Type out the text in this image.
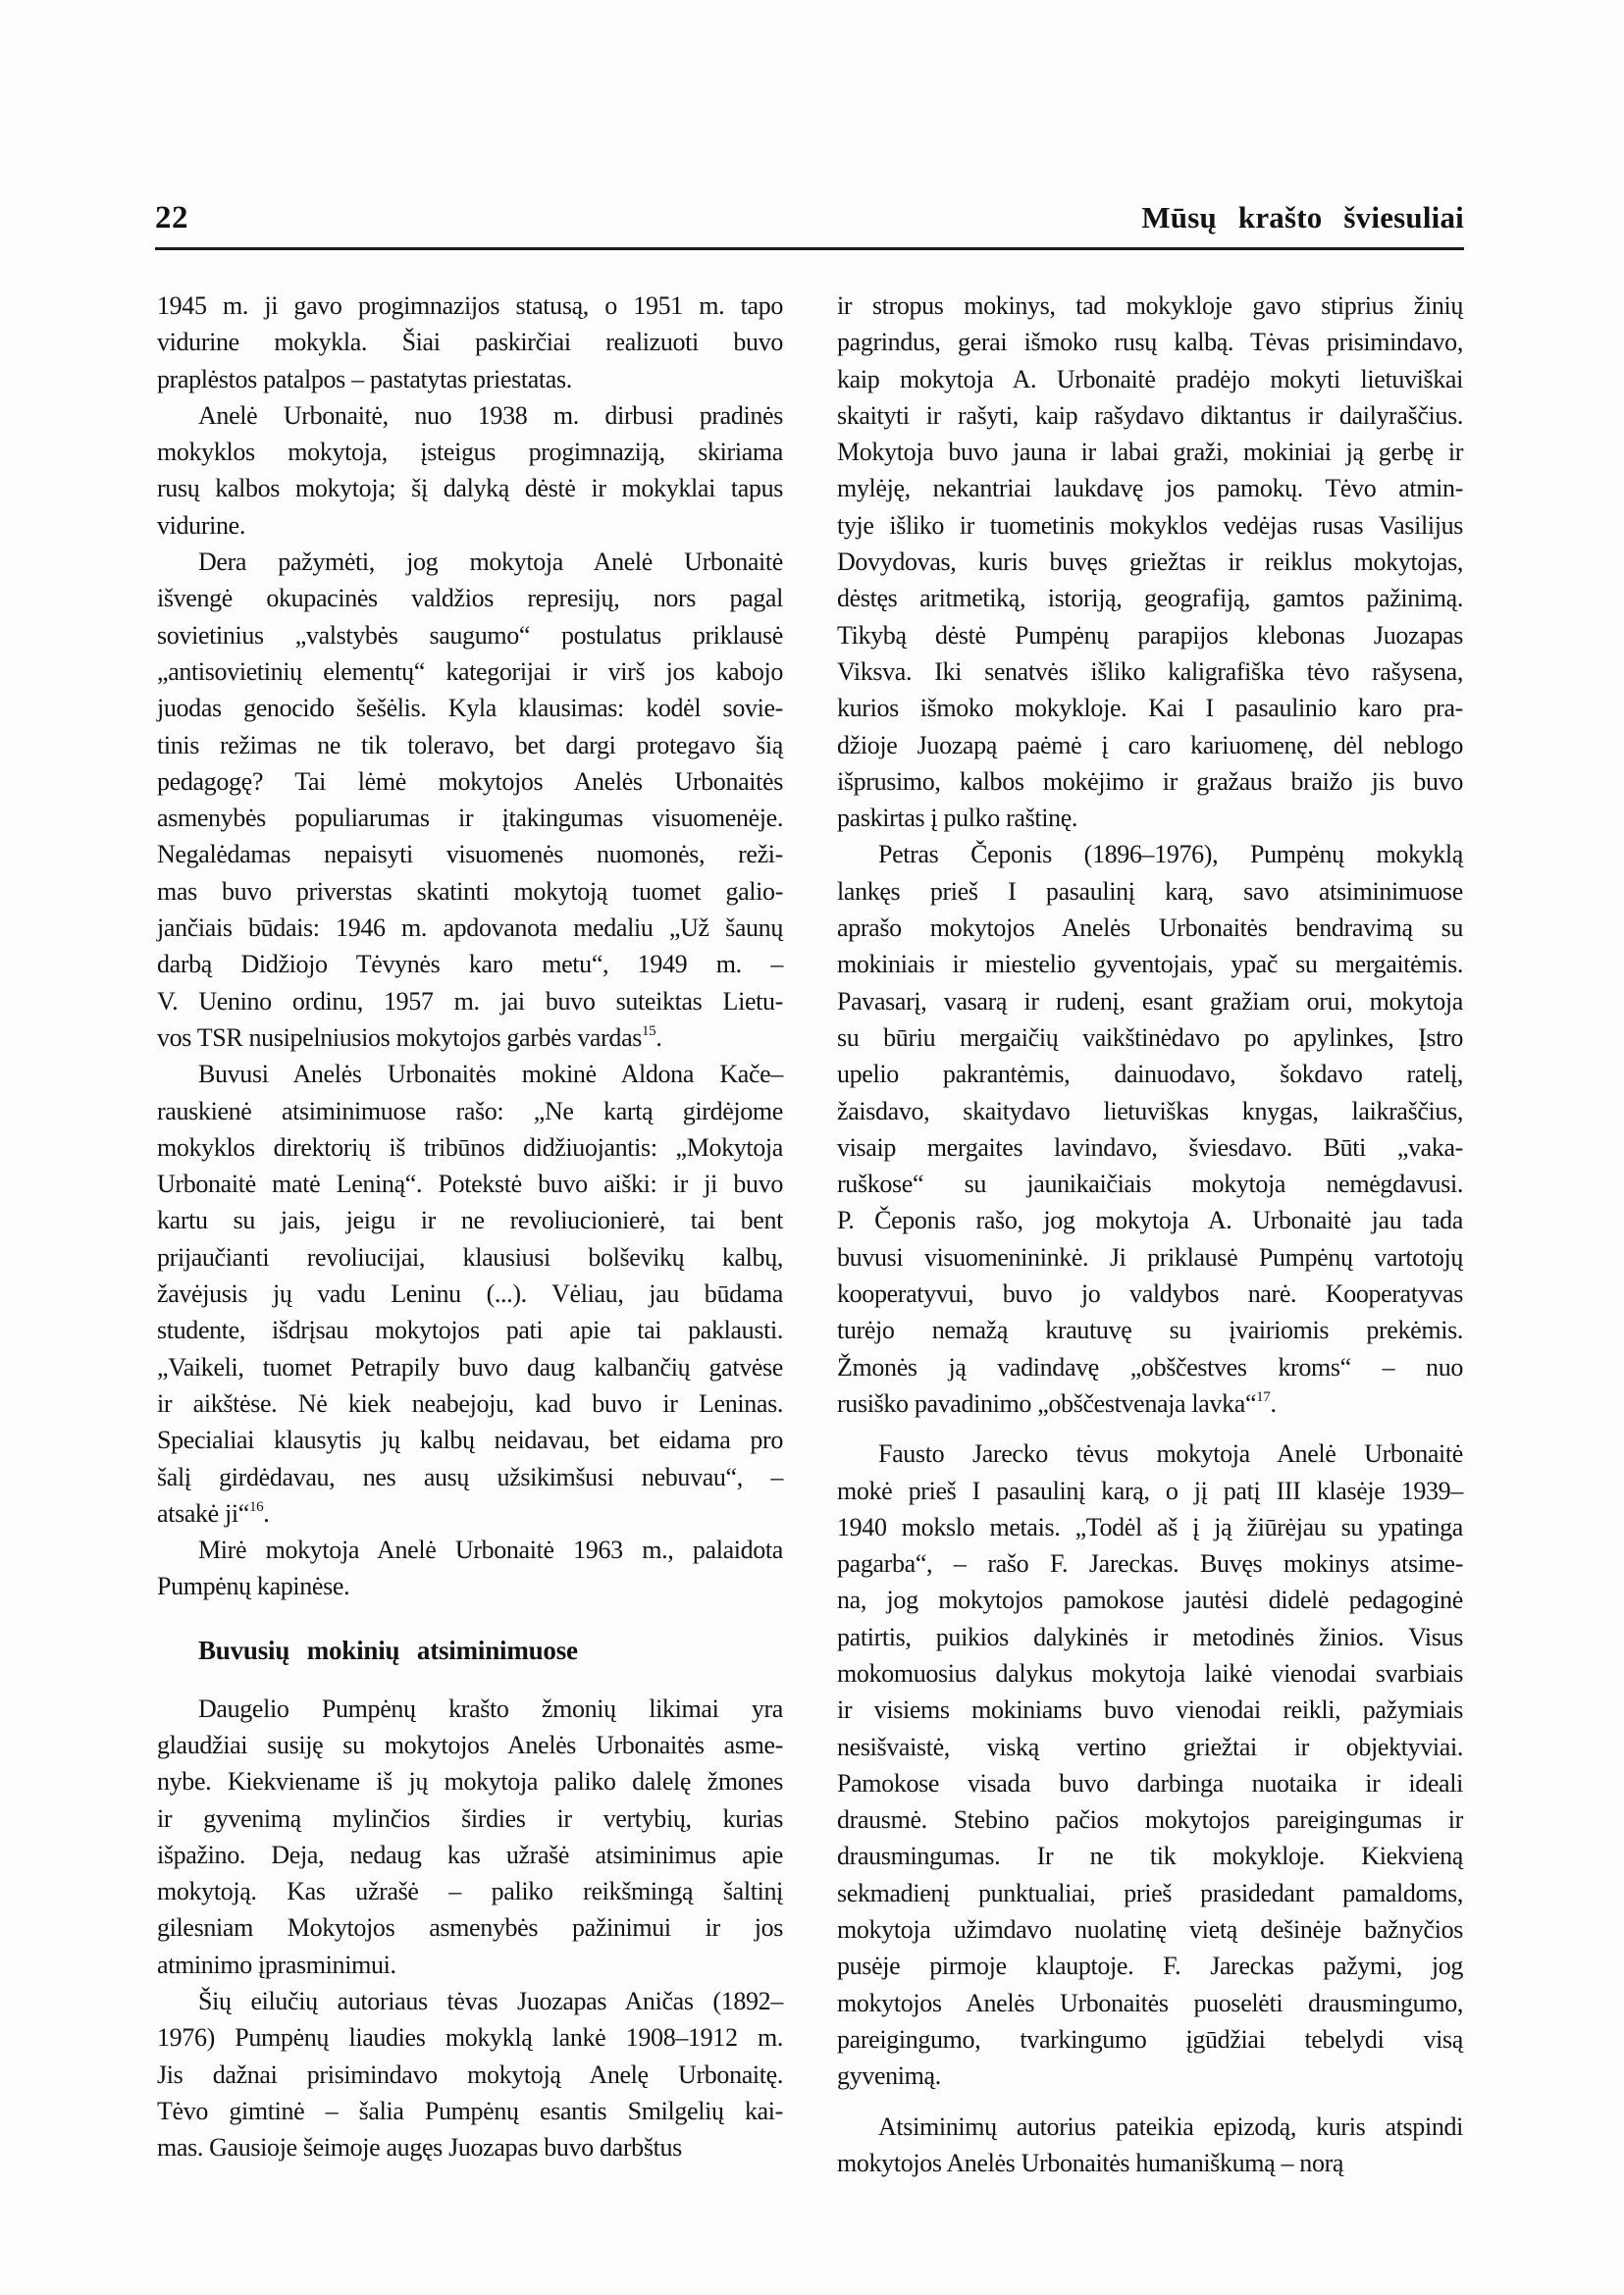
22	Mūsų krašto šviesuliai
1945 m. ji gavo progimnazijos statusą, o 1951 m. tapo
vidurine mokykla. Šiai paskirčiai realizuoti buvo
praplėstos patalpos – pastatytas priestatas.
Anelė Urbonaitė, nuo 1938 m. dirbusi pradinės
mokyklos mokytoja, įsteigus progimnaziją, skiriama
rusų kalbos mokytoja; šį dalyką dėstė ir mokyklai tapus
vidurine.
Dera pažymėti, jog mokytoja Anelė Urbonaitė
išvengė okupacinės valdžios represijų, nors pagal
sovietinius „valstybės saugumo“ postulatus priklausė
„antisovietinių elementų“ kategorijai ir virš jos kabojo
juodas genocido šešėlis. Kyla klausimas: kodėl sovie-
tinis režimas ne tik toleravo, bet dargi protegavo šią
pedagogę? Tai lėmė mokytojos Anelės Urbonaitės
asmenybės populiarumas ir įtakingumas visuomenėje.
Negalėdamas nepaisyti visuomenės nuomonės, reži-
mas buvo priverstas skatinti mokytoją tuomet galio-
jančiais būdais: 1946 m. apdovanota medaliu „Už šaunų
darbą Didžiojo Tėvynės karo metu“, 1949 m. –
V. Uenino ordinu, 1957 m. jai buvo suteiktas Lietu-
vos TSR nusipelniusios mokytojos garbės vardas$^{15}$.
Buvusi Anelės Urbonaitės mokinė Aldona Kače–
rauskienė atsiminimuose rašo: „Ne kartą girdėjome
mokyklos direktorių iš tribūnos didžiuojantis: „Mokytoja
Urbonaitė matė Leniną“. Potekstė buvo aiški: ir ji buvo
kartu su jais, jeigu ir ne revoliucionierė, tai bent
prijaučianti revoliucijai, klausiusi bolševikų kalbų,
žavėjusis jų vadu Leninu (...). Vėliau, jau būdama
studente, išdrįsau mokytojos pati apie tai paklausti.
„Vaikeli, tuomet Petrapily buvo daug kalbančių gatvėse
ir aikštėse. Nė kiek neabejoju, kad buvo ir Leninas.
Specialiai klausytis jų kalbų neidavau, bet eidama pro
šalį girdėdavau, nes ausų užsikimšusi nebuvau“, –
atsakė ji“$^{16}$.
Mirė mokytoja Anelė Urbonaitė 1963 m., palaidota
Pumpėnų kapinėse.
Buvusių mokinių atsiminimuose
Daugelio Pumpėnų krašto žmonių likimai yra
glaudžiai susiję su mokytojos Anelės Urbonaitės asme-
nybe. Kiekviename iš jų mokytoja paliko dalelę žmones
ir gyvenimą mylinčios širdies ir vertybių, kurias
išpažino. Deja, nedaug kas užrašė atsiminimus apie
mokytoją. Kas užrašė – paliko reikšmingą šaltinį
gilesniam Mokytojos asmenybės pažinimui ir jos
atminimo įprasminimui.
Šių eilučių autoriaus tėvas Juozapas Aničas (1892–
1976) Pumpėnų liaudies mokyklą lankė 1908–1912 m.
Jis dažnai prisimindavo mokytoją Anelę Urbonaitę.
Tėvo gimtinė – šalia Pumpėnų esantis Smilgelių kai-
mas. Gausioje šeimoje augęs Juozapas buvo darbštus
ir stropus mokinys, tad mokykloje gavo stiprius žinių
pagrindus, gerai išmoko rusų kalbą. Tėvas prisimindavo,
kaip mokytoja A. Urbonaitė pradėjo mokyti lietuviškai
skaityti ir rašyti, kaip rašydavo diktantus ir dailyraščius.
Mokytoja buvo jauna ir labai graži, mokiniai ją gerbę ir
mylėję, nekantriai laukdavę jos pamokų. Tėvo atmin-
tyje išliko ir tuometinis mokyklos vedėjas rusas Vasilijus
Dovydovas, kuris buvęs griežtas ir reiklus mokytojas,
dėstęs aritmetiką, istoriją, geografiją, gamtos pažinimą.
Tikybą dėstė Pumpėnų parapijos klebonas Juozapas
Viksva. Iki senatvės išliko kaligrafiška tėvo rašysena,
kurios išmoko mokykloje. Kai I pasaulinio karo pra-
džioje Juozapą paėmė į caro kariuomenę, dėl neblogo
išprusimo, kalbos mokėjimo ir gražaus braižo jis buvo
paskirtas į pulko raštinę.
Petras Čeponis (1896–1976), Pumpėnų mokyklą
lankęs prieš I pasaulinį karą, savo atsiminimuose
aprašo mokytojos Anelės Urbonaitės bendravimą su
mokiniais ir miestelio gyventojais, ypač su mergaitėmis.
Pavasarį, vasarą ir rudenį, esant gražiam orui, mokytoja
su būriu mergaičių vaikštinėdavo po apylinkes, Įstro
upelio pakrantėmis, dainuodavo, šokdavo ratelį,
žaisdavo, skaitydavo lietuviškas knygas, laikraščius,
visaip mergaites lavindavo, šviesdavo. Būti „vaka-
ruškose“ su jaunikaičiais mokytoja nemėgdavusi.
P. Čeponis rašo, jog mokytoja A. Urbonaitė jau tada
buvusi visuomenininkė. Ji priklausė Pumpėnų vartotojų
kooperatyvui, buvo jo valdybos narė. Kooperatyvas
turėjo nemažą krautuvę su įvairiomis prekėmis.
Žmonės ją vadindavę „obščestves kroms“ – nuo
rusiško pavadinimo „obščestvenaja lavka“$^{17}$.
Fausto Jarecko tėvus mokytoja Anelė Urbonaitė
mokė prieš I pasaulinį karą, o jį patį III klasėje 1939–
1940 mokslo metais. „Todėl aš į ją žiūrėjau su ypatinga
pagarba“, – rašo F. Jareckas. Buvęs mokinys atsime-
na, jog mokytojos pamokose jautėsi didelė pedagoginė
patirtis, puikios dalykinės ir metodinės žinios. Visus
mokomuosius dalykus mokytoja laikė vienodai svarbiais
ir visiems mokiniams buvo vienodai reikli, pažymiais
nesišvaistė, viską vertino griežtai ir objektyviai.
Pamokose visada buvo darbinga nuotaika ir ideali
drausmė. Stebino pačios mokytojos pareigingumas ir
drausmingumas. Ir ne tik mokykloje. Kiekvieną
sekmadienį punktualiai, prieš prasidedant pamaldoms,
mokytoja užimdavo nuolatinę vietą dešinėje bažnyčios
pusėje pirmoje klauptoje. F. Jareckas pažymi, jog
mokytojos Anelės Urbonaitės puoselėti drausmingumo,
pareigingumo, tvarkingumo įgūdžiai tebelydi visą
gyvenimą.
Atsiminimų autorius pateikia epizodą, kuris atspindi
mokytojos Anelės Urbonaitės humaniškumą – norą
